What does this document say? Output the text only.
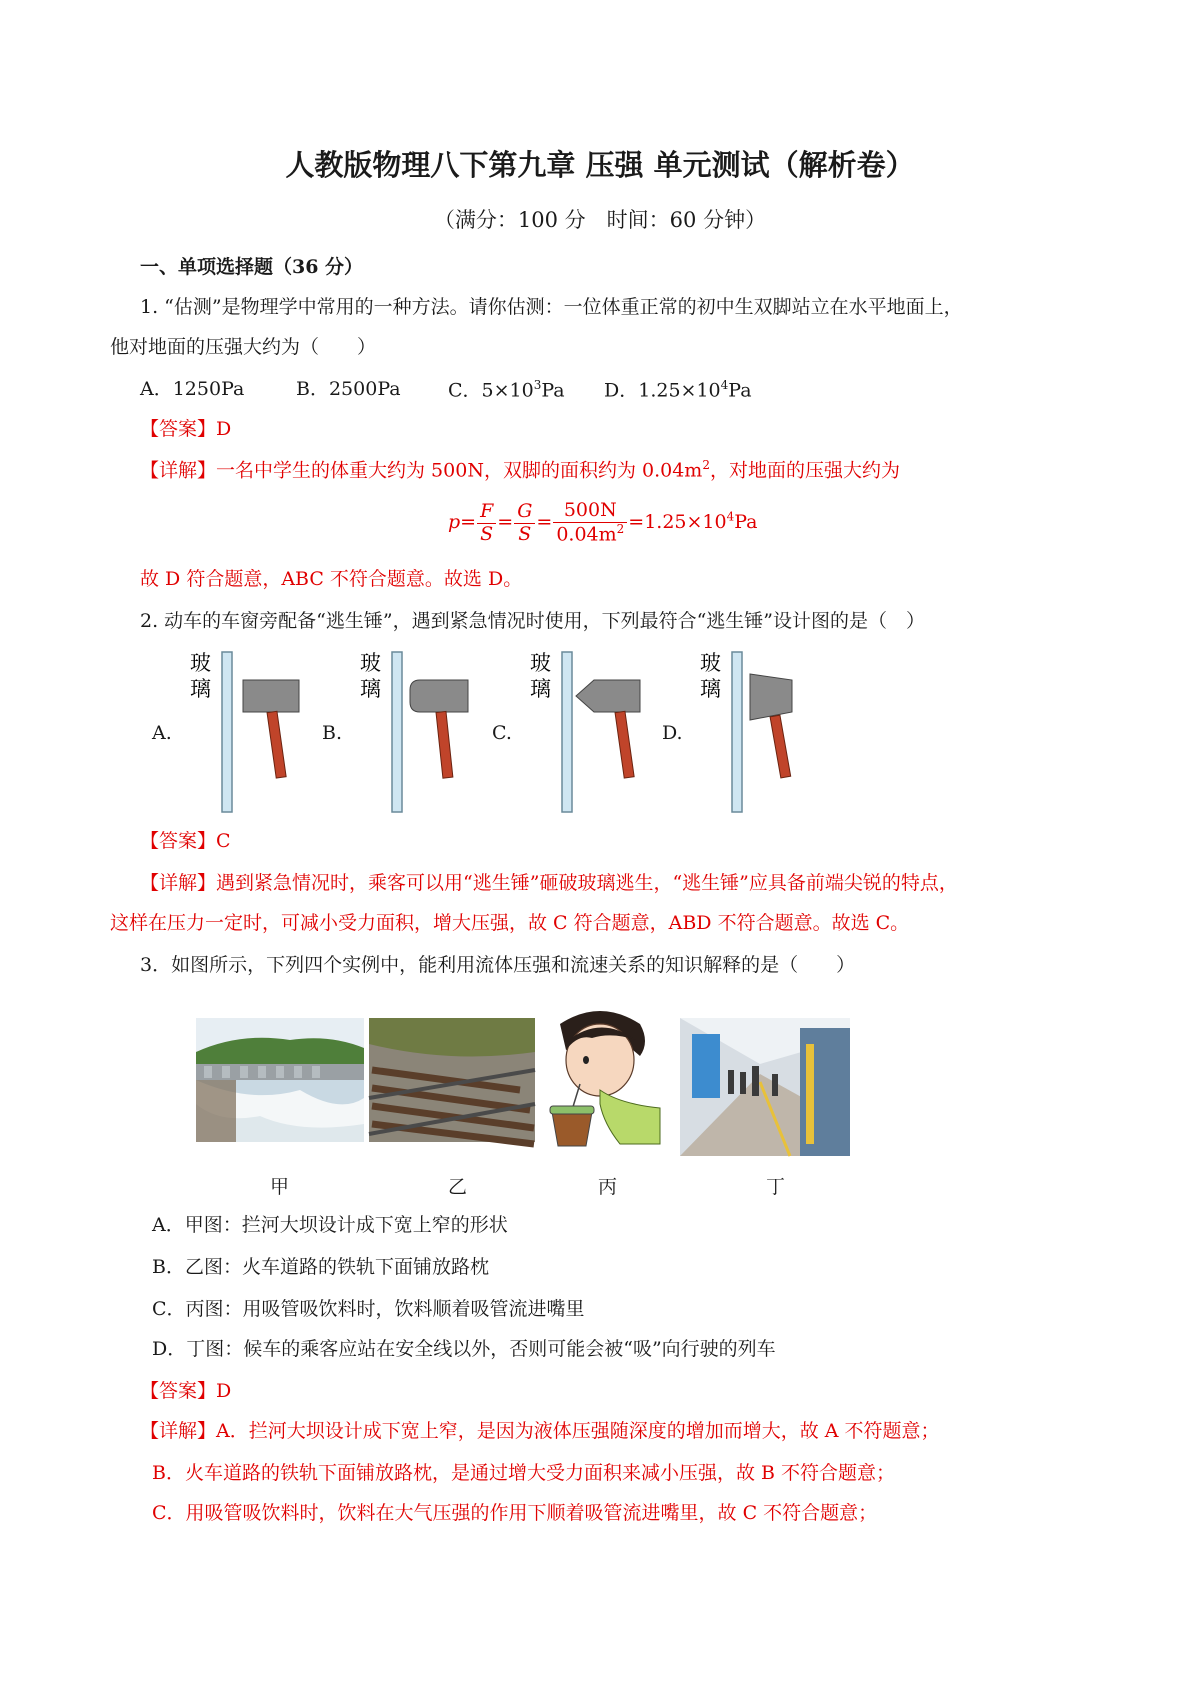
人教版物理八下第九章 压强 单元测试（解析卷）
（满分：100 分　时间：60 分钟）
一、单项选择题（36 分）
1. “估测”是物理学中常用的一种方法。请你估测：一位体重正常的初中生双脚站立在水平地面上，
他对地面的压强大约为（　　）
A．1250Pa	B．2500Pa C．$5\times 10^3Pa$ D．$1.25\times 10^4Pa$
【答案】D
【详解】一名中学生的体重大约为 500N，双脚的面积约为 $0.04m^2$，对地面的压强大约为
$p= \frac{F}{S} = \frac{G}{S} = \frac{500N}{0.04m^2} =1.25\times 10^4Pa$
故 D 符合题意，ABC 不符合题意。故选 D。
2. 动车的车窗旁配备“逃生锤”，遇到紧急情况时使用，下列最符合“逃生锤”设计图的是（　）
A.	B.	C.	D.
玻
璃
玻
璃
玻
璃
玻
璃
【答案】C
【详解】遇到紧急情况时，乘客可以用“逃生锤”砸破玻璃逃生，“逃生锤”应具备前端尖锐的特点，
这样在压力一定时，可减小受力面积，增大压强，故 C 符合题意，ABD 不符合题意。故选 C。
3．如图所示，下列四个实例中，能利用流体压强和流速关系的知识解释的是（　　）
甲	乙	丙	丁
A．甲图：拦河大坝设计成下宽上窄的形状
B．乙图：火车道路的铁轨下面铺放路枕
C．丙图：用吸管吸饮料时，饮料顺着吸管流进嘴里
D．丁图：候车的乘客应站在安全线以外，否则可能会被“吸”向行驶的列车
【答案】D
【详解】A．拦河大坝设计成下宽上窄，是因为液体压强随深度的增加而增大，故 A 不符题意；
B．火车道路的铁轨下面铺放路枕，是通过增大受力面积来减小压强，故 B 不符合题意；
C．用吸管吸饮料时，饮料在大气压强的作用下顺着吸管流进嘴里，故 C 不符合题意；
